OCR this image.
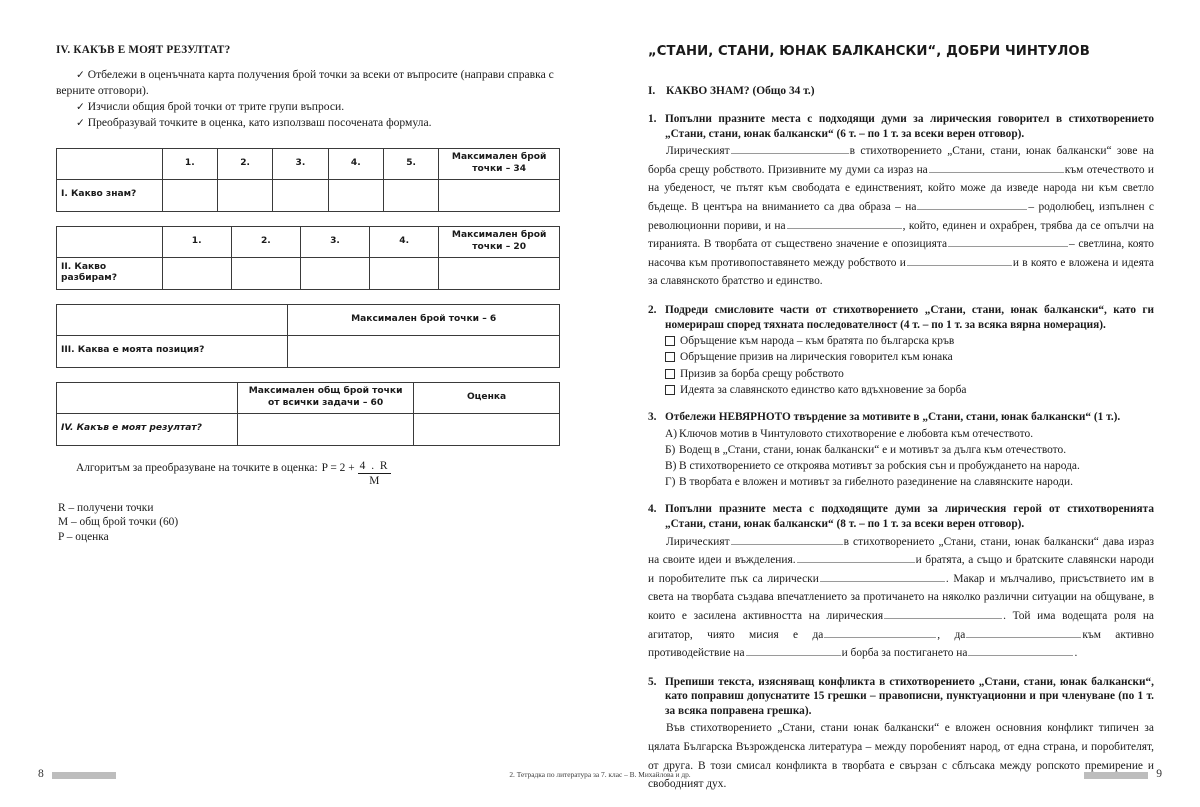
IV. КАКЪВ Е МОЯТ РЕЗУЛТАТ?

✓ Отбележи в оценъчната карта получения брой точки за всеки от въпросите (направи справка с верните отговори).

✓ Изчисли общия брой точки от трите групи въпроси.

✓ Преобразувай точките в оценка, като използваш посочената формула.

	1.	2.	3.	4.	5.	Максимален брой точки – 34
I. Какво знам?						
	1.	2.	3.	4.	Максимален брой точки – 20
II. Какво разбирам?					
	Максимален брой точки – 6
III. Каква е моята позиция?	
	Максимален общ брой точки от всички задачи – 60	Оценка
IV. Какъв е моят резултат?		
Алгоритъм за преобразуване на точките в оценка: $P = 2 + \frac{4 . R}{M}$
R – получени точки
M – общ брой точки (60)
P – оценка
„СТАНИ, СТАНИ, ЮНАК БАЛКАНСКИ“, ДОБРИ ЧИНТУЛОВ
I. КАКВО ЗНАМ? (Общо 34 т.)
1. Попълни празните места с подходящи думи за лирическия говорител в стихотворението „Стани, стани, юнак балкански“ (6 т. – по 1 т. за всеки верен отговор).

Лирическият	в стихотворението „Стани, стани, юнак балкански“ зове на борба срещу робството. Призивните му думи са израз на	към отечеството и на убеденост, че пътят към свободата е единственият, който може да изведе народа ни към светло бъдеще. В центъра на вниманието са два образа – на	– родолюбец, изпълнен с революционни пориви, и на	, който, единен и охрабрен, трябва да се опълчи на тиранията. В творбата от съществено значение е опозицията	– светлина, която насочва към противопоставянето между робството и	и в която е вложена и идеята за славянското братство и единство.

2. Подреди смисловите части от стихотворението „Стани, стани, юнак балкански“, като ги номерираш според тяхната последователност (4 т. – по 1 т. за всяка вярна номерация).
Обръщение към народа – към братята по българска кръв
Обръщение призив на лирическия говорител към юнака
Призив за борба срещу робството
Идеята за славянското единство като вдъхновение за борба
3. Отбележи НЕВЯРНОТО твърдение за мотивите в „Стани, стани, юнак балкански“ (1 т.).
А) Ключов мотив в Чинтуловото стихотворение е любовта към отечеството.
Б) Водещ в „Стани, стани, юнак балкански“ е и мотивът за дълга към отечеството.
В) В стихотворението се откроява мотивът за робския сън и пробуждането на народа.
Г) В творбата е вложен и мотивът за гибелното разединение на славянските народи.
4. Попълни празните места с подходящите думи за лирическия герой от стихотворенията „Стани, стани, юнак балкански“ (8 т. – по 1 т. за всеки верен отговор).

Лирическият	в стихотворението „Стани, стани, юнак балкански“ дава израз на своите идеи и въжделения.	и братята, а също и братските славянски народи и поробителите пък са лирически	. Макар и мълчаливо, присъствието им в света на творбата създава впечатлението за протичането на няколко различни ситуации на общуване, в които е засилена активността на лирическия	. Той има водещата роля на агитатор, чиято мисия е да	, да	към активно противодействие на	и борба за постигането на	.

5. Препиши текста, изясняващ конфликта в стихотворението „Стани, стани, юнак балкански“, като поправиш допуснатите 15 грешки – правописни, пунктуационни и при членуване (по 1 т. за всяка поправена грешка).

Във стихотворението „Стани, стани юнак балкански“ е вложен основния конфликт типичен за цялата Българска Възрожденска литература – между поробеният народ, от една страна, и поробителят, от друга. В този смисал конфликта в творбата е свързан с сблъсака между ропското премирение и свободният дух.

8	2. Тетрадка по литература за 7. клас – В. Михайлова и др.	9
